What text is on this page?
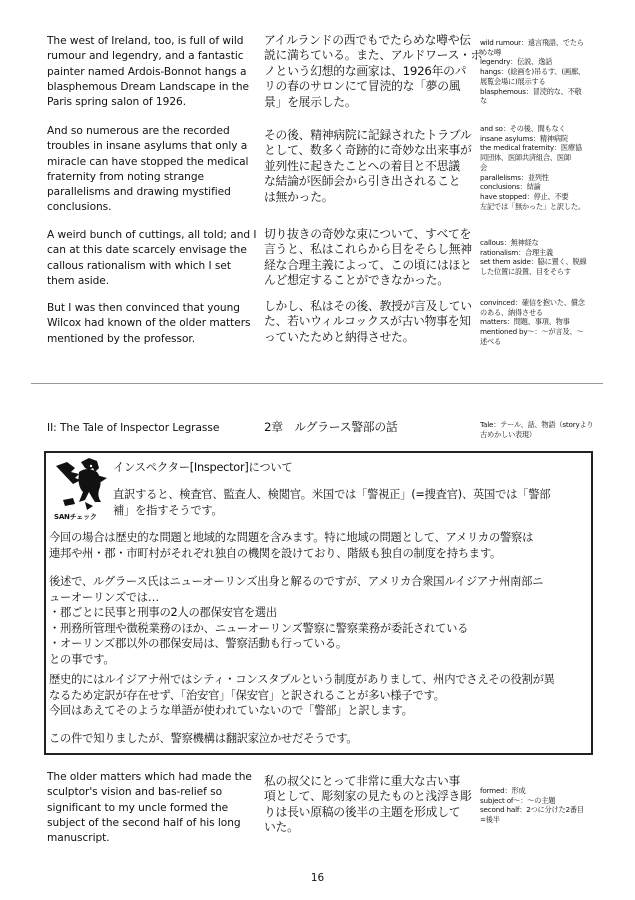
The west of Ireland, too, is full of wild
rumour and legendry, and a fantastic
painter named Ardois-Bonnot hangs a
blasphemous Dream Landscape in the
Paris spring salon of 1926.
アイルランドの西でもでたらめな噂や伝
説に満ちている。また、アルドワース・ボ
ノという幻想的な画家は、1926年のパ
リの春のサロンにて冒涜的な「夢の風
景」を展示した。
wild rumour：遠言飛語、でたら
めな噂
legendry：伝説、逸話
hangs：(絵画を)吊るす、(画廊、
展覧会場に)展示する
blasphemous：冒涜的な、不敬
な
And so numerous are the recorded
troubles in insane asylums that only a
miracle can have stopped the medical
fraternity from noting strange
parallelisms and drawing mystified
conclusions.
その後、精神病院に記録されたトラブル
として、数多く奇跡的に奇妙な出来事が
並列性に起きたことへの着目と不思議
な結論が医師会から引き出されること
は無かった。
and so：その後、間もなく
insane asylums：精神病院
the medical fraternity：医療協
同団体、医師共済組合、医師
会
parallelisms：並列性
conclusions：結論
have stopped：停止、不要
左記では「無かった」と訳した。
A weird bunch of cuttings, all told; and I
can at this date scarcely envisage the
callous rationalism with which I set
them aside.
切り抜きの奇妙な束について、すべてを
言うと、私はこれらから目をそらし無神
経な合理主義によって、この頃にはほと
んど想定することができなかった。
callous：無神経な
rationalism：合理主義
set them aside：脇に置く、脱線
した位置に設置、目をそらす
But I was then convinced that young
Wilcox had known of the older matters
mentioned by the professor.
しかし、私はその後、教授が言及してい
た、若いウィルコックスが古い物事を知
っていたためと納得させた。
convinced：確信を抱いた、償念
のある、納得させる
matters：問題、事項、物事
mentioned by〜：〜が言及、〜
述べる
II: The Tale of Inspector Legrasse	2章　ルグラース警部の話	Tale：テール、話、物語（storyより
古めかしい表現）
SANチェック
インスペクター[Inspector]について
直訳すると、検査官、監査人、検閲官。米国では「警視正」(=捜査官)、英国では「警部
補」を指すそうです。
今回の場合は歴史的な問題と地域的な問題を含みます。特に地域の問題として、アメリカの警察は
連邦や州・郡・市町村がそれぞれ独自の機関を設けており、階級も独自の制度を持ちます。
後述で、ルグラース氏はニューオーリンズ出身と解るのですが、アメリカ合衆国ルイジアナ州南部ニ
ューオーリンズでは…
・郡ごとに民事と刑事の2人の郡保安官を選出
・刑務所管理や徴税業務のほか、ニューオーリンズ警察に警察業務が委託されている
・オーリンズ郡以外の郡保安局は、警察活動も行っている。
との事です。
歴史的にはルイジアナ州ではシティ・コンスタブルという制度がありまして、州内でさえその役割が異
なるため定訳が存在せず、「治安官」「保安官」と訳されることが多い様子です。
今回はあえてそのような単語が使われていないので「警部」と訳します。
この件で知りましたが、警察機構は翻訳家泣かせだそうです。
The older matters which had made the
sculptor's vision and bas-relief so
significant to my uncle formed the
subject of the second half of his long
manuscript.
私の叔父にとって非常に重大な古い事
項として、彫刻家の見たものと浅浮き彫
りは長い原稿の後半の主題を形成して
いた。
formed：形成
subject of〜：〜の主題
second half：2つに分けた2番目
=後半
16
